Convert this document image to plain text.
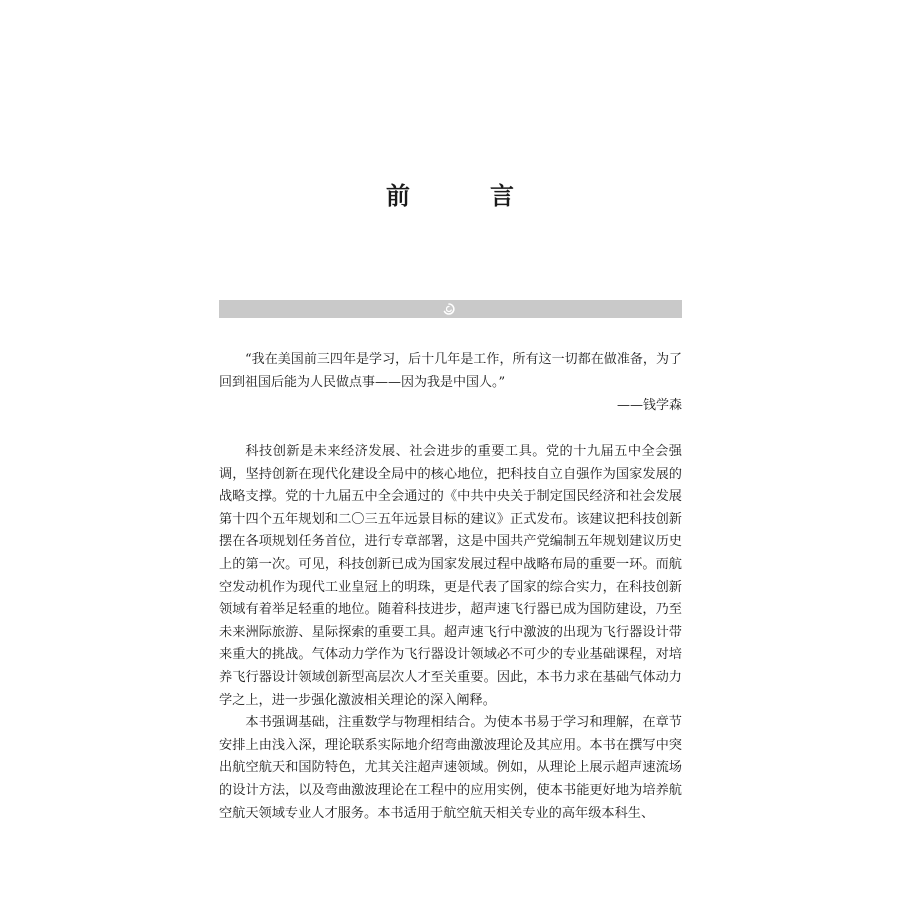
前　言

“我在美国前三四年是学习，后十几年是工作，所有这一切都在做准备，为了回到祖国后能为人民做点事——因为我是中国人。”

——钱学森

科技创新是未来经济发展、社会进步的重要工具。党的十九届五中全会强调，坚持创新在现代化建设全局中的核心地位，把科技自立自强作为国家发展的战略支撑。党的十九届五中全会通过的《中共中央关于制定国民经济和社会发展第十四个五年规划和二〇三五年远景目标的建议》正式发布。该建议把科技创新摆在各项规划任务首位，进行专章部署，这是中国共产党编制五年规划建议历史上的第一次。可见，科技创新已成为国家发展过程中战略布局的重要一环。而航空发动机作为现代工业皇冠上的明珠，更是代表了国家的综合实力，在科技创新领域有着举足轻重的地位。随着科技进步，超声速飞行器已成为国防建设，乃至未来洲际旅游、星际探索的重要工具。超声速飞行中激波的出现为飞行器设计带来重大的挑战。气体动力学作为飞行器设计领域必不可少的专业基础课程，对培养飞行器设计领域创新型高层次人才至关重要。因此，本书力求在基础气体动力学之上，进一步强化激波相关理论的深入阐释。

本书强调基础，注重数学与物理相结合。为使本书易于学习和理解，在章节安排上由浅入深，理论联系实际地介绍弯曲激波理论及其应用。本书在撰写中突出航空航天和国防特色，尤其关注超声速领域。例如，从理论上展示超声速流场的设计方法，以及弯曲激波理论在工程中的应用实例，使本书能更好地为培养航空航天领域专业人才服务。本书适用于航空航天相关专业的高年级本科生、
